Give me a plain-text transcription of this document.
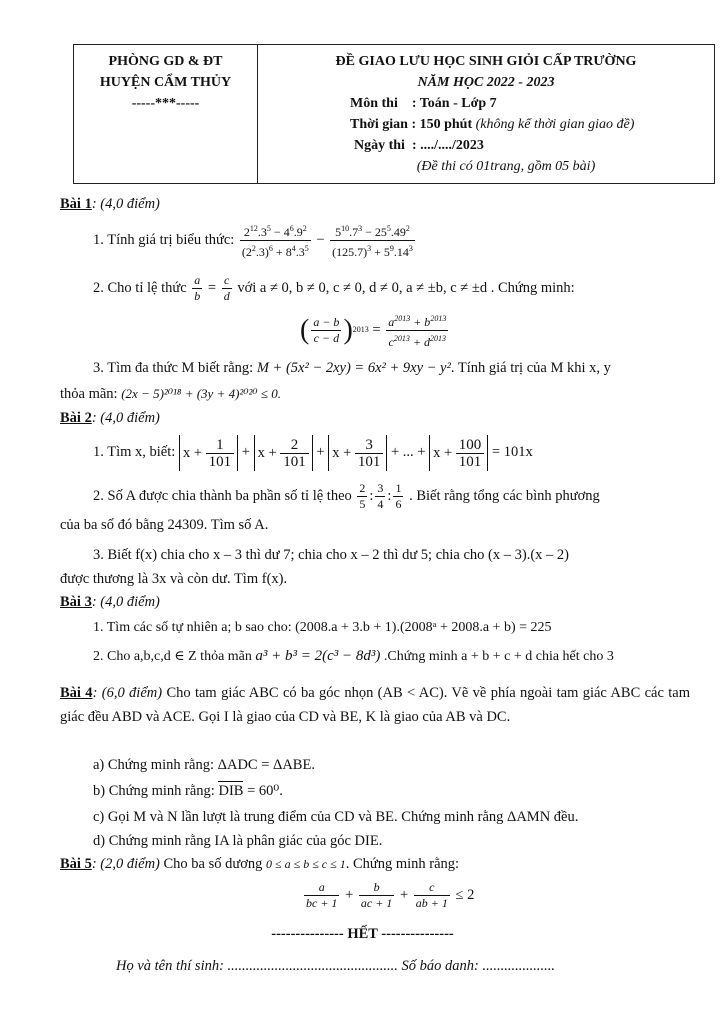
PHÒNG GD & ĐT
HUYỆN CẨM THỦY
-----***-----
ĐỀ GIAO LƯU HỌC SINH GIỎI CẤP TRƯỜNG
NĂM HỌC 2022 - 2023
Môn thi : Toán - Lớp 7
Thời gian : 150 phút (không kể thời gian giao đề)
Ngày thi : ..../..../2023
(Đề thi có 01trang, gồm 05 bài)
Bài 1: (4,0 điểm)
1. Tính giá trị biểu thức: $\frac{2^{12}.3^5 - 4^6.9^2}{(2^2.3)^6 + 8^4.3^5} - \frac{5^{10}.7^3 - 25^5.49^2}{(125.7)^3 + 5^9.14^3}$
2. Cho tỉ lệ thức $\frac{a}{b} = \frac{c}{d}$ với a ≠ 0, b ≠ 0, c ≠ 0, d ≠ 0, a ≠ ±b, c ≠ ±d . Chứng minh:
( $\frac{a - b}{c - d} )^{2013} = \frac{a^{2013} + b^{2013}}{c^{2013} + d^{2013}}$
3. Tìm đa thức M biết rằng: M + (5x² − 2xy) = 6x² + 9xy − y². Tính giá trị của M khi x, y
thỏa mãn: (2x − 5)²⁰¹⁸ + (3y + 4)²⁰²⁰ ≤ 0.
Bài 2: (4,0 điểm)
1. Tìm x, biết: $x + \frac{1}{101} + x + \frac{2}{101} + x + \frac{3}{101}$ + ... + $x + \frac{100}{101} = 101x$
2. Số A được chia thành ba phần số tỉ lệ theo $\frac{2}{5}$ : $\frac{3}{4}$ : $\frac{1}{6}$ . Biết rằng tổng các bình phương
của ba số đó bằng 24309. Tìm số A.
3. Biết f(x) chia cho x – 3 thì dư 7; chia cho x – 2 thì dư 5; chia cho (x – 3).(x – 2)
được thương là 3x và còn dư. Tìm f(x).
Bài 3: (4,0 điểm)
1. Tìm các số tự nhiên a; b sao cho: (2008.a + 3.b + 1).(2008ᵃ + 2008.a + b) = 225
2. Cho a,b,c,d ∈ Z thỏa mãn a³ + b³ = 2(c³ − 8d³) .Chứng minh a + b + c + d chia hết cho 3
Bài 4: (6,0 điểm) Cho tam giác ABC có ba góc nhọn (AB < AC). Vẽ về phía ngoài tam giác ABC các tam giác đều ABD và ACE. Gọi I là giao của CD và BE, K là giao của AB và DC.
a) Chứng minh rằng: ΔADC = ΔABE.
b) Chứng minh rằng: DIB = 60⁰.
c) Gọi M và N lần lượt là trung điểm của CD và BE. Chứng minh rằng ΔAMN đều.
d) Chứng minh rằng IA là phân giác của góc DIE.
Bài 5: (2,0 điểm) Cho ba số dương 0 ≤ a ≤ b ≤ c ≤ 1. Chứng minh rằng:
$\frac{a}{bc + 1} + \frac{b}{ac + 1} + \frac{c}{ab + 1} \le 2$
--------------- HẾT ---------------
Họ và tên thí sinh: ............................................... Số báo danh: ....................
